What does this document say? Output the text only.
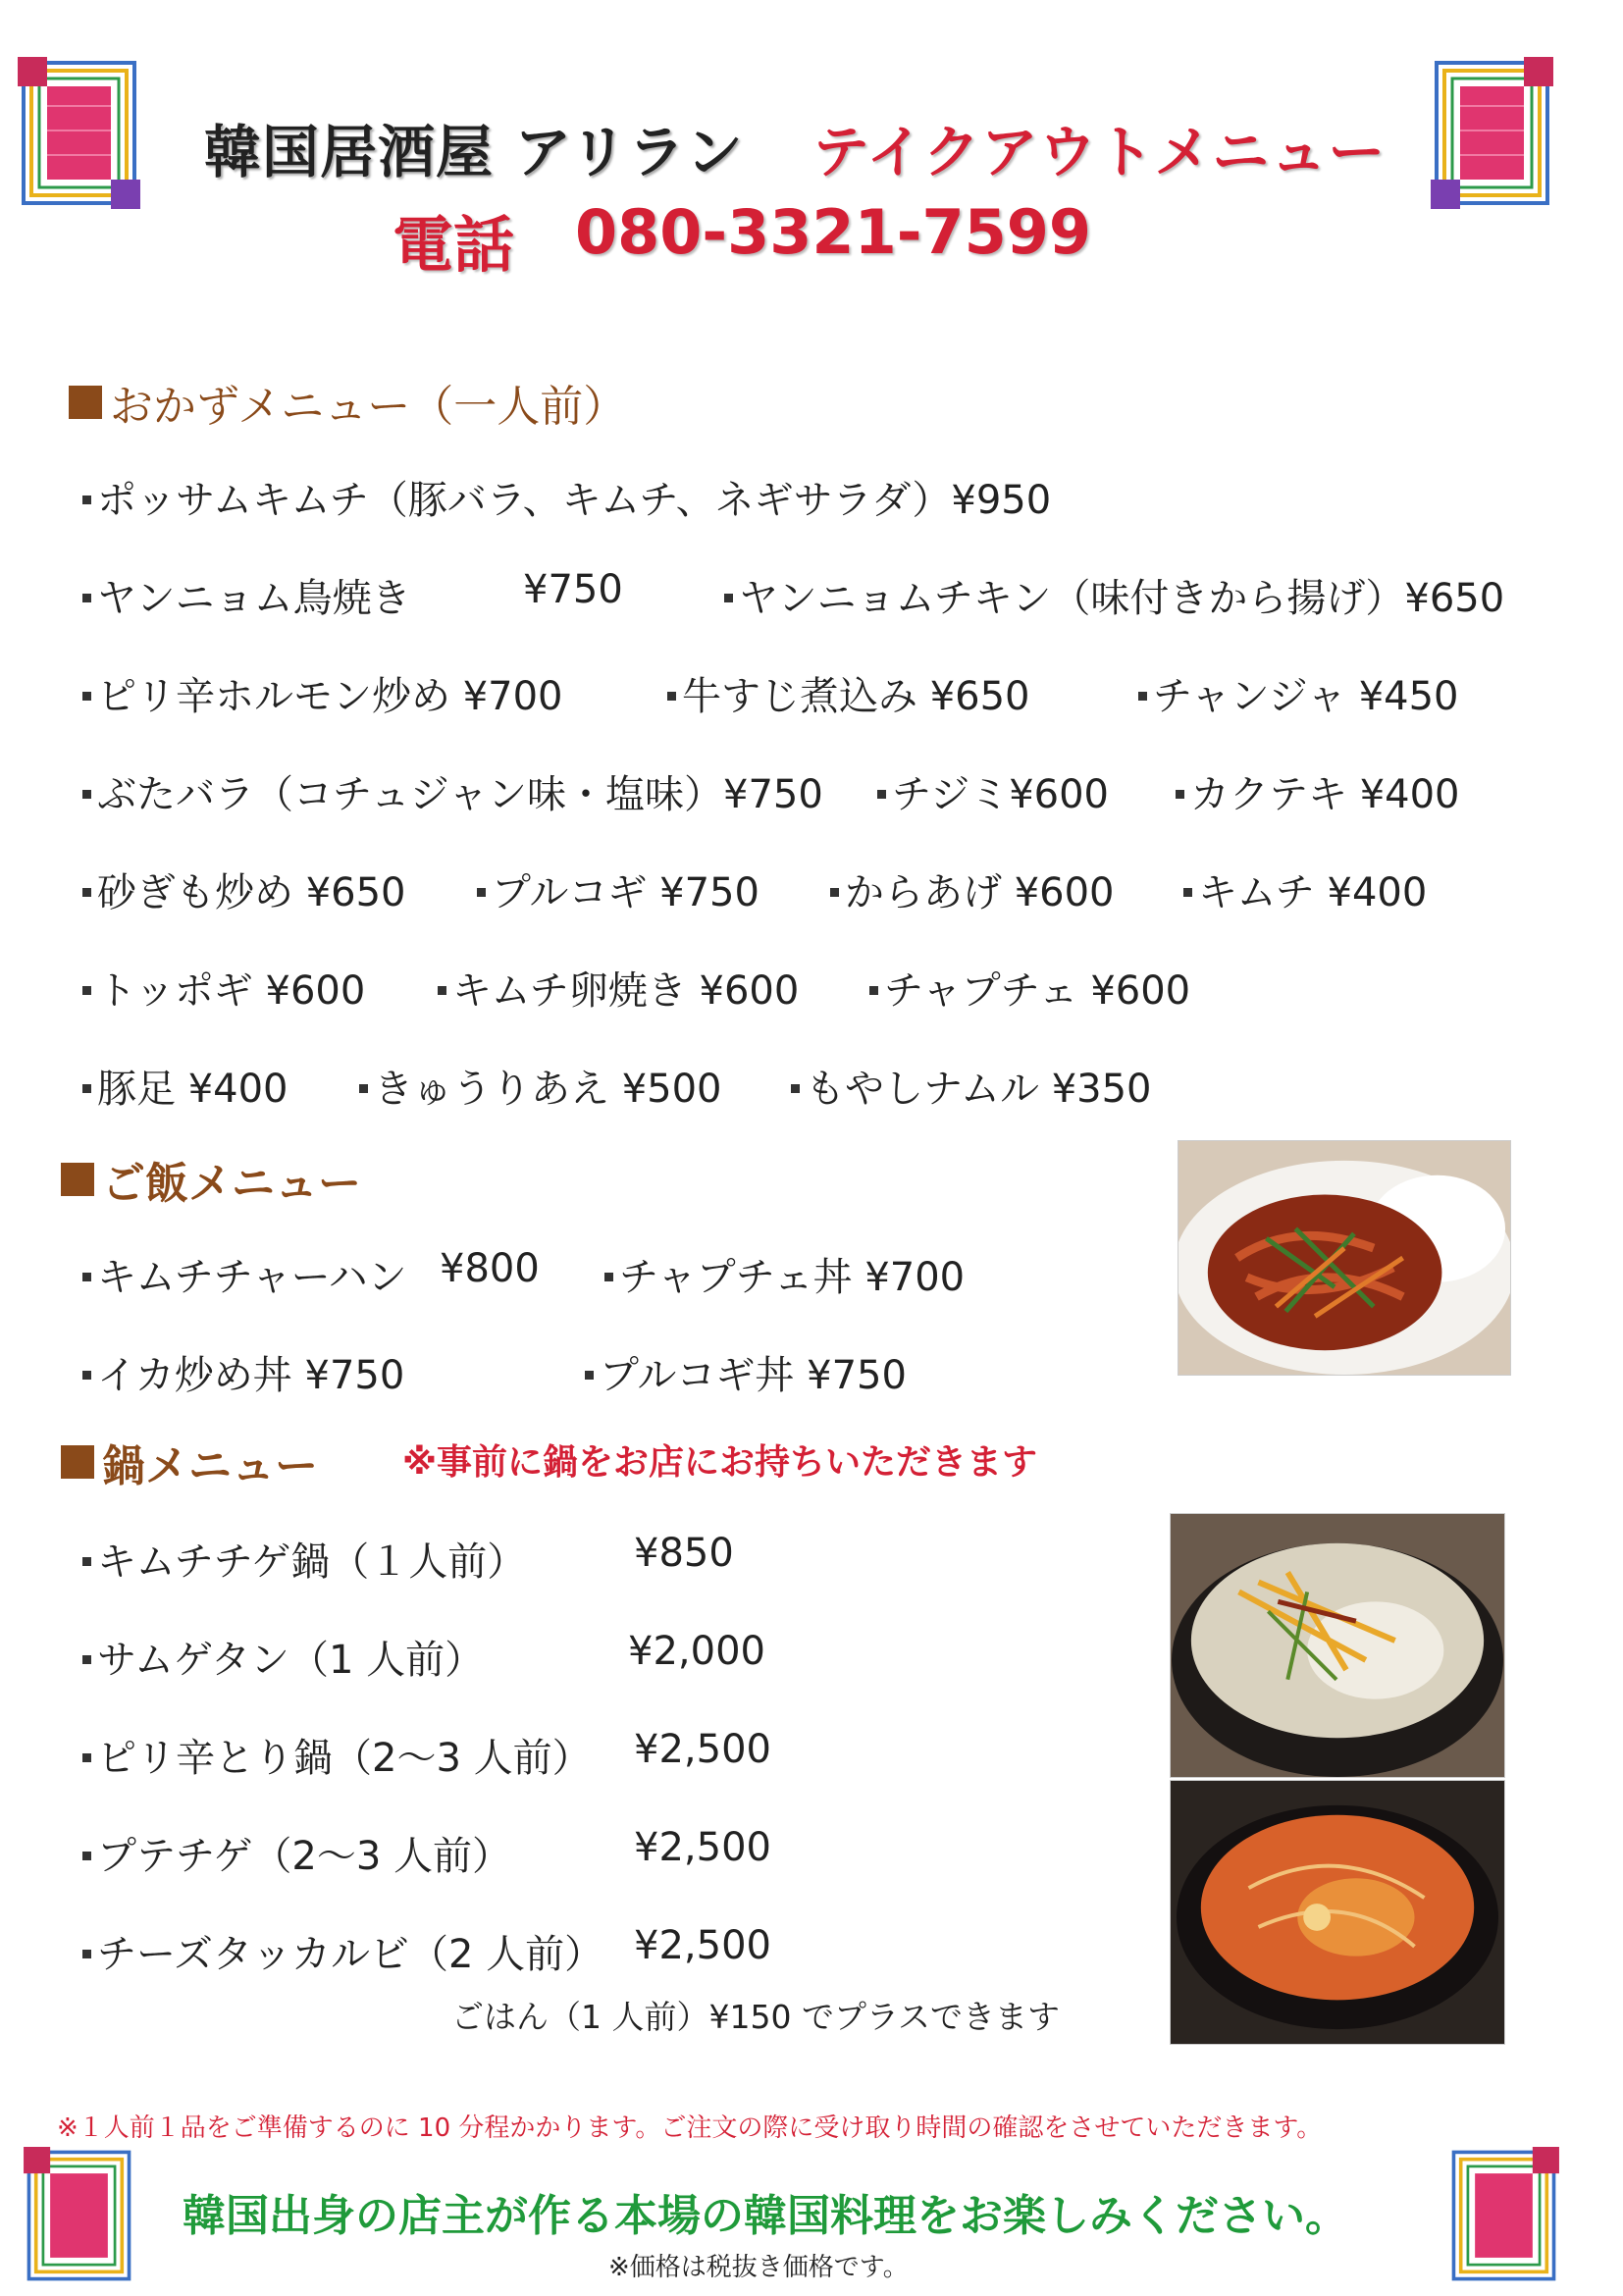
韓国居酒屋 アリラン テイクアウトメニュー
電話 080-3321-7599
おかずメニュー（一人前）
ポッサムキムチ（豚バラ、キムチ、ネギサラダ）¥950
ヤンニョム鳥焼き	¥750	ヤンニョムチキン（味付きから揚げ）¥650
ピリ辛ホルモン炒め ¥700	牛すじ煮込み ¥650	チャンジャ ¥450
ぶたバラ（コチュジャン味・塩味）¥750	チジミ¥600	カクテキ ¥400
砂ぎも炒め ¥650	プルコギ ¥750	からあげ ¥600	キムチ ¥400
トッポギ ¥600	キムチ卵焼き ¥600	チャプチェ ¥600
豚足 ¥400	きゅうりあえ ¥500	もやしナムル ¥350
ご飯メニュー
キムチチャーハン ¥800	チャプチェ丼 ¥700
イカ炒め丼 ¥750	プルコギ丼 ¥750
鍋メニュー ※事前に鍋をお店にお持ちいただきます
キムチチゲ鍋（１人前）	¥850
サムゲタン（1 人前）	¥2,000
ピリ辛とり鍋（2〜3 人前） ¥2,500
プテチゲ（2〜3 人前）	¥2,500
チーズタッカルビ（2 人前） ¥2,500
ごはん（1 人前）¥150 でプラスできます
※１人前１品をご準備するのに 10 分程かかります。ご注文の際に受け取り時間の確認をさせていただきます。
韓国出身の店主が作る本場の韓国料理をお楽しみください。
※価格は税抜き価格です。
